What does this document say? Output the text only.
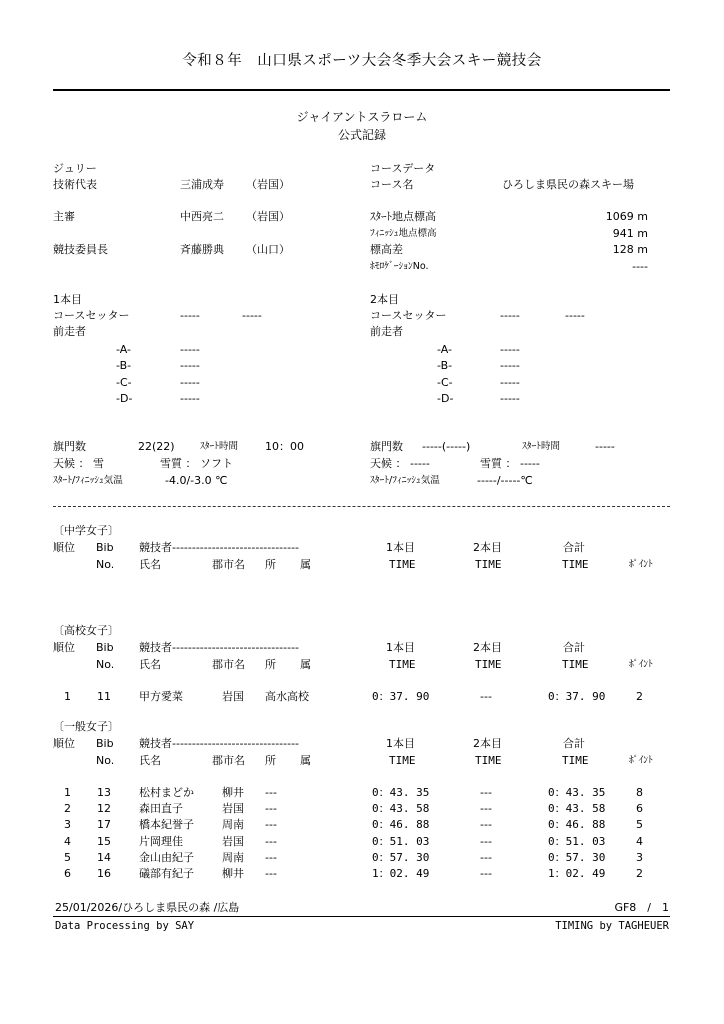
令和８年　山口県スポーツ大会冬季大会スキー競技会
ジャイアントスラローム
公式記録
ジュリー
技術代表	三浦成寿 （岩国）
主審	中西亮二 （岩国）
競技委員長	斉藤勝典 （山口）
コースデータ
コース名	ひろしま県民の森スキー場
ｽﾀｰﾄ地点標高	1069 m
ﾌｨﾆｯｼｭ地点標高	941 m
標高差	128 m
ﾎﾓﾛｹﾞｰｼｮﾝNo.	----
1本目
コースセッター	-----	-----
前走者
-A-	-----
-B-	-----
-C-	-----
-D-	-----
旗門数	22(22)	ｽﾀｰﾄ時間 10：00
天候 ： 雪	雪質 ： ソフト
ｽﾀｰﾄ/ﾌｨﾆｯｼｭ気温	-4.0/-3.0 ℃
2本目
コースセッター	-----	-----
前走者
-A-	-----
-B-	-----
-C-	-----
-D-	-----
旗門数 -----(-----)	ｽﾀｰﾄ時間	-----
天候 ： -----	雪質 ： -----
ｽﾀｰﾄ/ﾌｨﾆｯｼｭ気温	-----/-----℃
〔中学女子〕
順位 Bib 競技者--------------------------------	1本目	2本目	合計
No. 氏名	郡市名 所 属	TIME	TIME	TIME	ﾎﾟｲﾝﾄ
〔高校女子〕
順位 Bib 競技者--------------------------------	1本目	2本目	合計
No. 氏名	郡市名 所 属	TIME	TIME	TIME	ﾎﾟｲﾝﾄ
1 11	甲方愛菜	岩国 高水高校	0：37. 90	---	0：37. 90	2
〔一般女子〕
順位 Bib 競技者--------------------------------	1本目	2本目	合計
No. 氏名	郡市名 所 属	TIME	TIME	TIME	ﾎﾟｲﾝﾄ
1 13	松村まどか	柳井 ---	0：43. 35	---	0：43. 35	8
2 12	森田直子	岩国 ---	0：43. 58	---	0：43. 58	6
3 17	橋本紀誉子	周南 ---	0：46. 88	---	0：46. 88	5
4 15	片岡理佳	岩国 ---	0：51. 03	---	0：51. 03	4
5 14	金山由紀子	周南 ---	0：57. 30	---	0：57. 30	3
6 16	礒部有紀子	柳井 ---	1：02. 49	---	1：02. 49	2
25/01/2026/ひろしま県民の森 /広島	GF8　/　1
Data Processing by SAY	TIMING by TAGHEUER
